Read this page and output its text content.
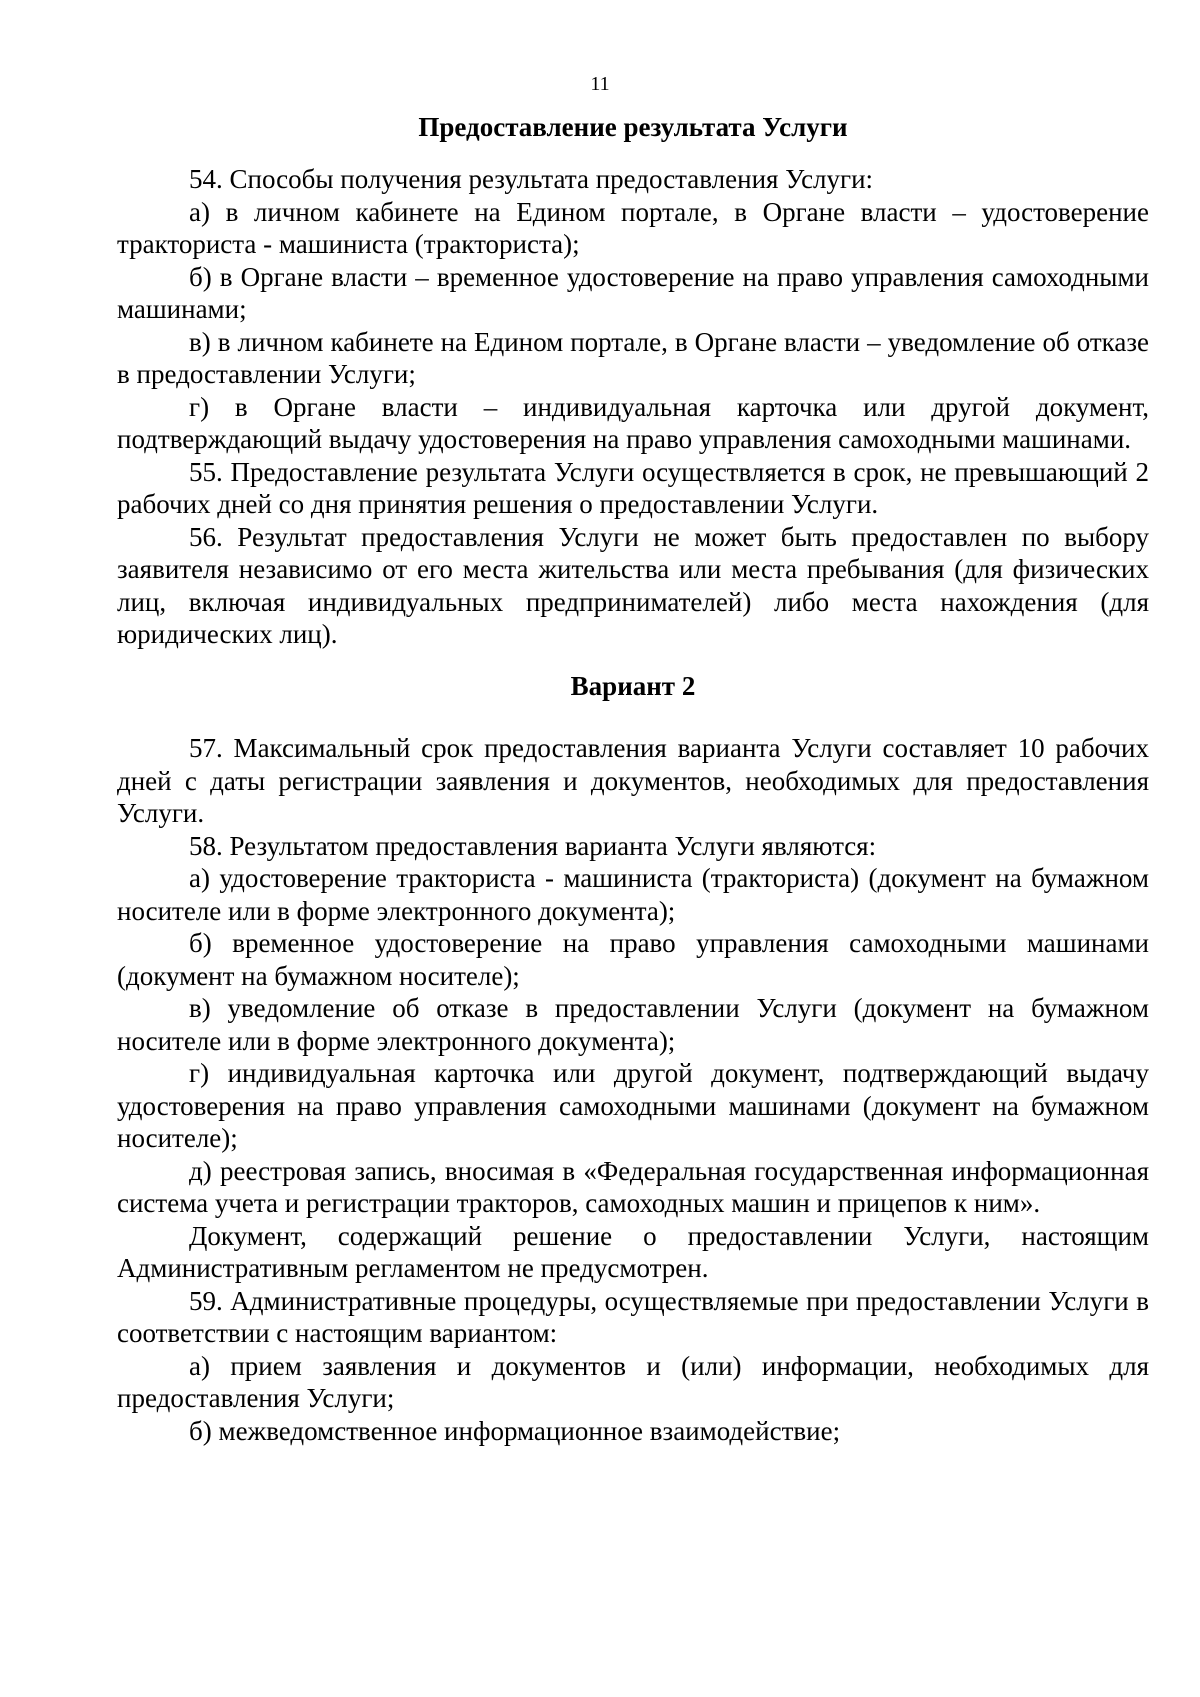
11
Предоставление результата Услуги

54. Способы получения результата предоставления Услуги:

а) в личном кабинете на Едином портале, в Органе власти – удостоверение тракториста - машиниста (тракториста);

б) в Органе власти – временное удостоверение на право управления самоходными машинами;

в) в личном кабинете на Едином портале, в Органе власти – уведомление об отказе в предоставлении Услуги;

г) в Органе власти – индивидуальная карточка или другой документ, подтверждающий выдачу удостоверения на право управления самоходными машинами.

55. Предоставление результата Услуги осуществляется в срок, не превышающий 2 рабочих дней со дня принятия решения о предоставлении Услуги.

56. Результат предоставления Услуги не может быть предоставлен по выбору заявителя независимо от его места жительства или места пребывания (для физических лиц, включая индивидуальных предпринимателей) либо места нахождения (для юридических лиц).

Вариант 2

57. Максимальный срок предоставления варианта Услуги составляет 10 рабочих дней с даты регистрации заявления и документов, необходимых для предоставления Услуги.

58. Результатом предоставления варианта Услуги являются:

а) удостоверение тракториста - машиниста (тракториста) (документ на бумажном носителе или в форме электронного документа);

б) временное удостоверение на право управления самоходными машинами (документ на бумажном носителе);

в) уведомление об отказе в предоставлении Услуги (документ на бумажном носителе или в форме электронного документа);

г) индивидуальная карточка или другой документ, подтверждающий выдачу удостоверения на право управления самоходными машинами (документ на бумажном носителе);

д) реестровая запись, вносимая в «Федеральная государственная информационная система учета и регистрации тракторов, самоходных машин и прицепов к ним».

Документ, содержащий решение о предоставлении Услуги, настоящим Административным регламентом не предусмотрен.

59. Административные процедуры, осуществляемые при предоставлении Услуги в соответствии с настоящим вариантом:

а) прием заявления и документов и (или) информации, необходимых для предоставления Услуги;

б) межведомственное информационное взаимодействие;
